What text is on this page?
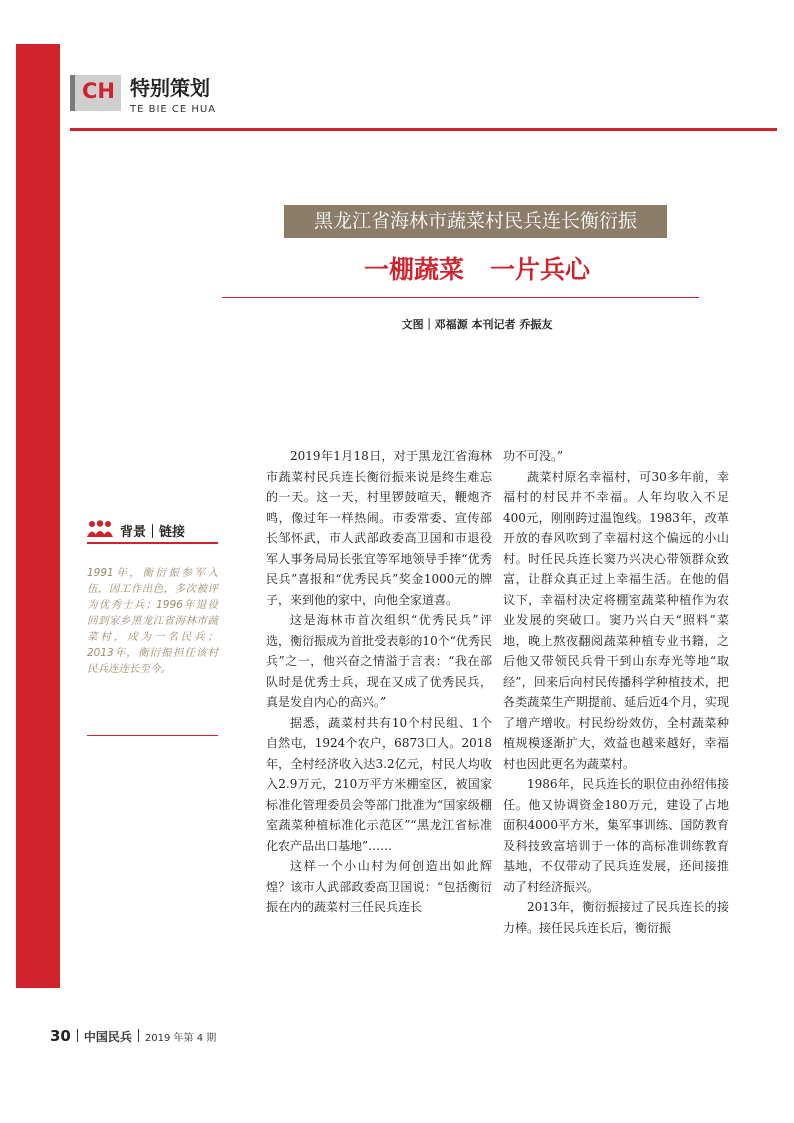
CH 特别策划
TE BIE CE HUA
黑龙江省海林市蔬菜村民兵连长衡衍振
一棚蔬菜 一片兵心
文图｜邓福源 本刊记者 乔振友
背景｜链接
1991年，衡衍振参军入伍，因工作出色，多次被评为优秀士兵；1996年退役回到家乡黑龙江省海林市蔬菜村，成为一名民兵；2013年，衡衍振担任该村民兵连连长至今。

2019年1月18日，对于黑龙江省海林市蔬菜村民兵连长衡衍振来说是终生难忘的一天。这一天，村里锣鼓喧天，鞭炮齐鸣，像过年一样热闹。市委常委、宣传部长邹怀武，市人武部政委高卫国和市退役军人事务局局长张宜等军地领导手捧“优秀民兵”喜报和“优秀民兵”奖金1000元的牌子，来到他的家中，向他全家道喜。

这是海林市首次组织“优秀民兵”评选，衡衍振成为首批受表彰的10个“优秀民兵”之一，他兴奋之情溢于言表：“我在部队时是优秀士兵，现在又成了优秀民兵，真是发自内心的高兴。”

据悉，蔬菜村共有10个村民组、1个自然屯，1924个农户，6873口人。2018年，全村经济收入达3.2亿元，村民人均收入2.9万元，210万平方米棚室区，被国家标准化管理委员会等部门批准为“国家级棚室蔬菜种植标准化示范区”“黑龙江省标准化农产品出口基地”……

这样一个小山村为何创造出如此辉煌？该市人武部政委高卫国说：“包括衡衍振在内的蔬菜村三任民兵连长

功不可没。”

蔬菜村原名幸福村，可30多年前，幸福村的村民并不幸福。人年均收入不足400元，刚刚跨过温饱线。1983年，改革开放的春风吹到了幸福村这个偏远的小山村。时任民兵连长窦乃兴决心带领群众致富，让群众真正过上幸福生活。在他的倡议下，幸福村决定将棚室蔬菜种植作为农业发展的突破口。窦乃兴白天“照料”菜地，晚上熬夜翻阅蔬菜种植专业书籍，之后他又带领民兵骨干到山东寿光等地“取经”，回来后向村民传播科学种植技术，把各类蔬菜生产期提前、延后近4个月，实现了增产增收。村民纷纷效仿，全村蔬菜种植规模逐渐扩大，效益也越来越好，幸福村也因此更名为蔬菜村。

1986年，民兵连长的职位由孙绍伟接任。他又协调资金180万元，建设了占地面积4000平方米，集军事训练、国防教育及科技致富培训于一体的高标准训练教育基地，不仅带动了民兵连发展，还间接推动了村经济振兴。

2013年，衡衍振接过了民兵连长的接力棒。接任民兵连长后，衡衍振

30 中国民兵 2019 年第 4 期
